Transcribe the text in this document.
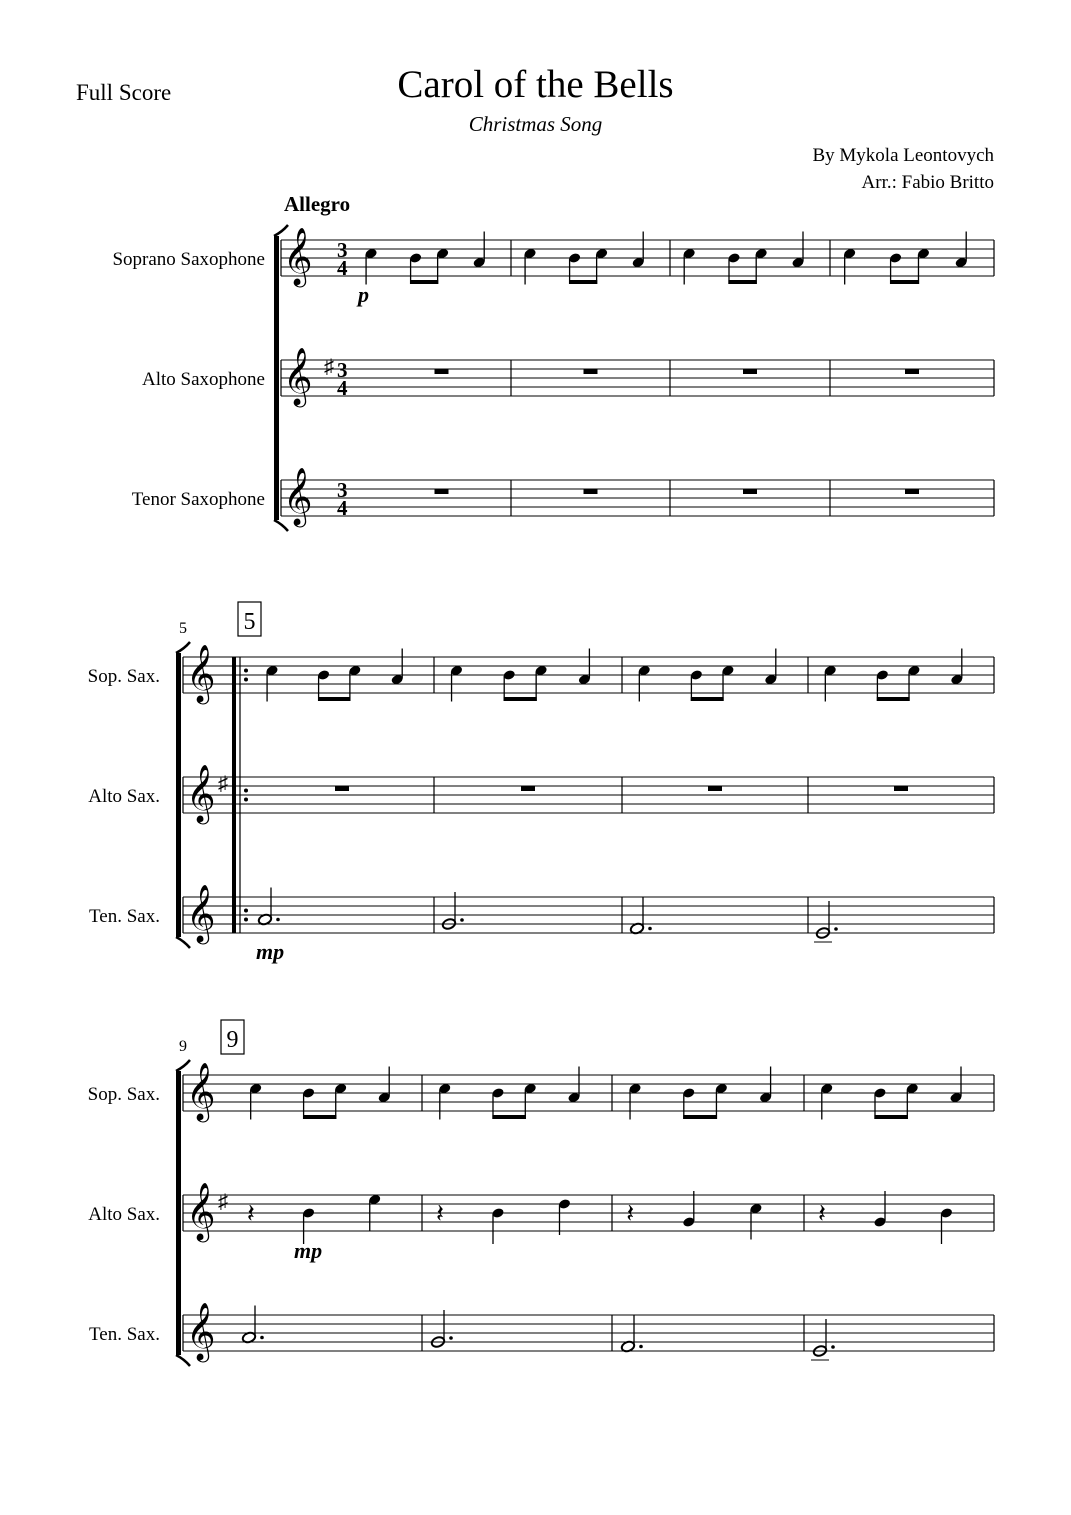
Full Score	Carol of the Bells
Christmas Song
By Mykola Leontovych
Arr.: Fabio Britto
Allegro
𝄞
Soprano Saxophone
𝄞
Alto Saxophone
𝄞
Tenor Saxophone
♯
3
4
3
4
3
4
p
5 5
𝄞
Sop. Sax.
𝄞
Alto Sax.
𝄞
Ten. Sax.
♯
mp
9 9
𝄞
Sop. Sax.
𝄞
Alto Sax.
𝄞
Ten. Sax.
♯ 𝄽	𝄽	𝄽	𝄽
mp
